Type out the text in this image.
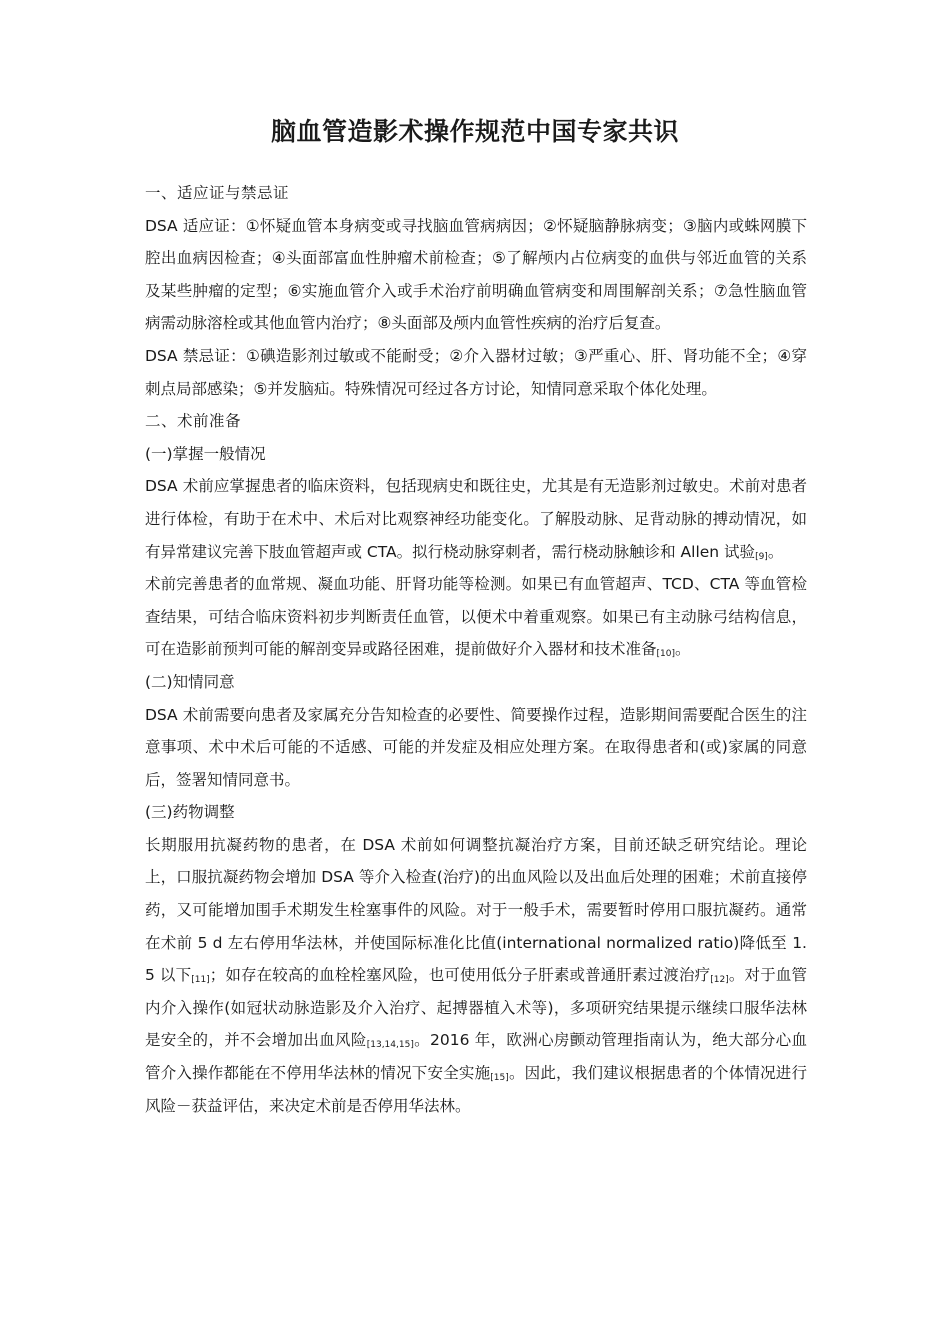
脑血管造影术操作规范中国专家共识

一、适应证与禁忌证

DSA 适应证：①怀疑血管本身病变或寻找脑血管病病因；②怀疑脑静脉病变；③脑内或蛛网膜下腔出血病因检查；④头面部富血性肿瘤术前检查；⑤了解颅内占位病变的血供与邻近血管的关系及某些肿瘤的定型；⑥实施血管介入或手术治疗前明确血管病变和周围解剖关系；⑦急性脑血管病需动脉溶栓或其他血管内治疗；⑧头面部及颅内血管性疾病的治疗后复查。

DSA 禁忌证：①碘造影剂过敏或不能耐受；②介入器材过敏；③严重心、肝、肾功能不全；④穿刺点局部感染；⑤并发脑疝。特殊情况可经过各方讨论，知情同意采取个体化处理。

二、术前准备

(一)掌握一般情况

DSA 术前应掌握患者的临床资料，包括现病史和既往史，尤其是有无造影剂过敏史。术前对患者进行体检，有助于在术中、术后对比观察神经功能变化。了解股动脉、足背动脉的搏动情况，如有异常建议完善下肢血管超声或 CTA。拟行桡动脉穿刺者，需行桡动脉触诊和 Allen 试验$_{[9]}$。

术前完善患者的血常规、凝血功能、肝肾功能等检测。如果已有血管超声、TCD、CTA 等血管检查结果，可结合临床资料初步判断责任血管，以便术中着重观察。如果已有主动脉弓结构信息，可在造影前预判可能的解剖变异或路径困难，提前做好介入器材和技术准备$_{[10]}$。

(二)知情同意

DSA 术前需要向患者及家属充分告知检查的必要性、简要操作过程，造影期间需要配合医生的注意事项、术中术后可能的不适感、可能的并发症及相应处理方案。在取得患者和(或)家属的同意后，签署知情同意书。

(三)药物调整

长期服用抗凝药物的患者，在 DSA 术前如何调整抗凝治疗方案，目前还缺乏研究结论。理论上，口服抗凝药物会增加 DSA 等介入检查(治疗)的出血风险以及出血后处理的困难；术前直接停药，又可能增加围手术期发生栓塞事件的风险。对于一般手术，需要暂时停用口服抗凝药。通常在术前 5 d 左右停用华法林，并使国际标准化比值(international normalized ratio)降低至 1.5 以下$_{[11]}$；如存在较高的血栓栓塞风险，也可使用低分子肝素或普通肝素过渡治疗$_{[12]}$。对于血管内介入操作(如冠状动脉造影及介入治疗、起搏器植入术等)，多项研究结果提示继续口服华法林是安全的，并不会增加出血风险$_{[13,14,15]}$。2016 年，欧洲心房颤动管理指南认为，绝大部分心血管介入操作都能在不停用华法林的情况下安全实施$_{[15]}$。因此，我们建议根据患者的个体情况进行风险－获益评估，来决定术前是否停用华法林。
